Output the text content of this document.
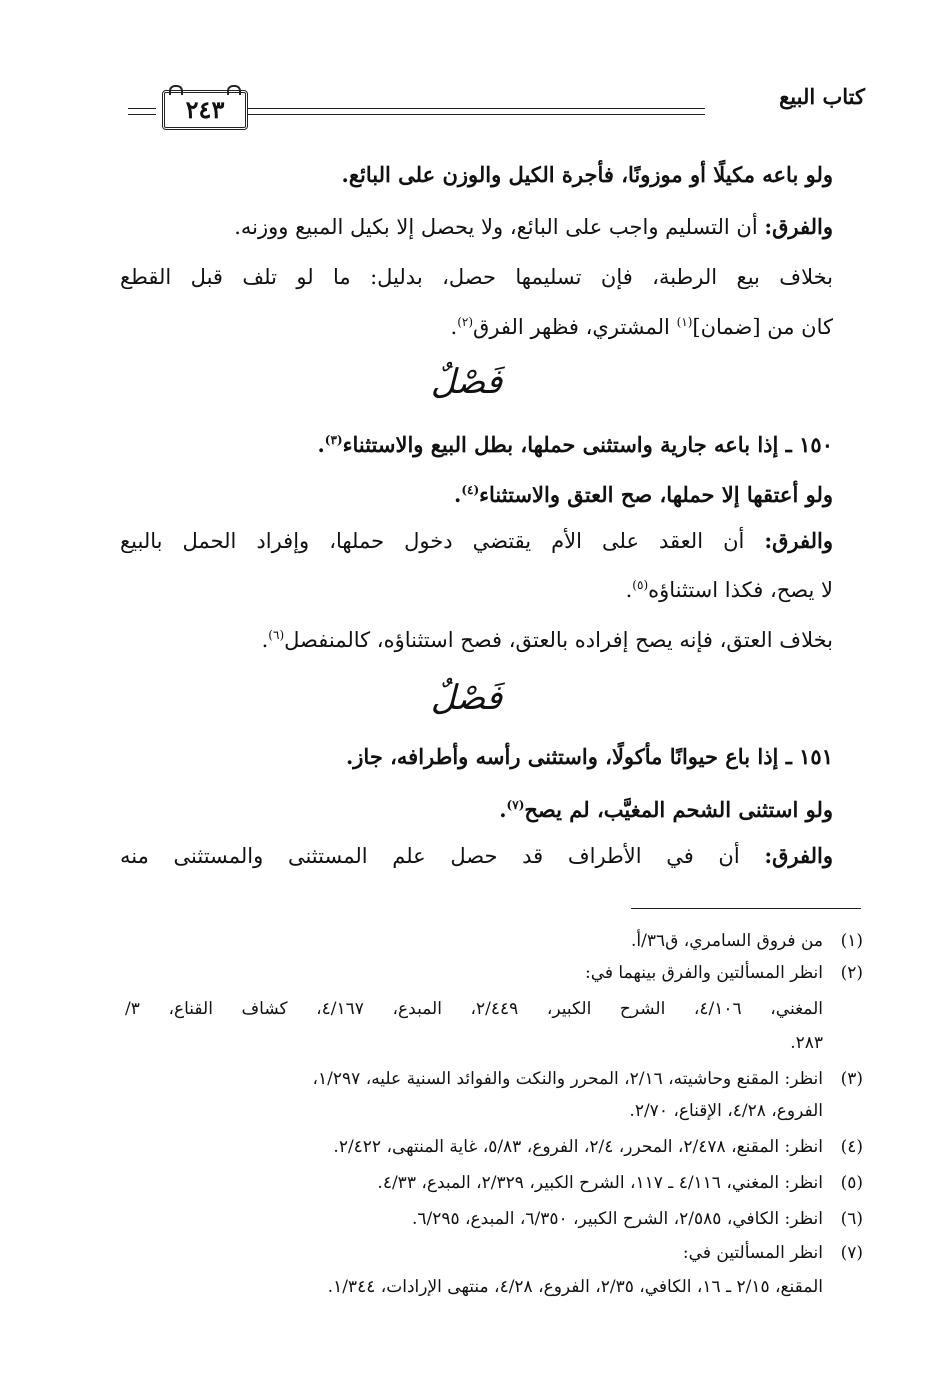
كتاب البيع
٢٤٣
ولو باعه مكيلًا أو موزونًا، فأجرة الكيل والوزن على البائع.
والفرق: أن التسليم واجب على البائع، ولا يحصل إلا بكيل المبيع ووزنه.
بخلاف بيع الرطبة، فإن تسليمها حصل، بدليل: ما لو تلف قبل القطع
كان من [ضمان]$^{(١)}$ المشتري، فظهر الفرق$^{(٢)}$.
فَصْلٌ
١٥٠ ـ إذا باعه جارية واستثنى حملها، بطل البيع والاستثناء$^{(٣)}$.
ولو أعتقها إلا حملها، صح العتق والاستثناء$^{(٤)}$.
والفرق: أن العقد على الأم يقتضي دخول حملها، وإفراد الحمل بالبيع
لا يصح، فكذا استثناؤه$^{(٥)}$.
بخلاف العتق، فإنه يصح إفراده بالعتق، فصح استثناؤه، كالمنفصل$^{(٦)}$.
فَصْلٌ
١٥١ ـ إذا باع حيوانًا مأكولًا، واستثنى رأسه وأطرافه، جاز.
ولو استثنى الشحم المغيَّب، لم يصح$^{(٧)}$.
والفرق: أن في الأطراف قد حصل علم المستثنى والمستثنى منه
(١)من فروق السامري، ق٣٦/أ.
(٢)انظر المسألتين والفرق بينهما في:
المغني، ٤/١٠٦، الشرح الكبير، ٢/٤٤٩، المبدع، ٤/١٦٧، كشاف القناع، ٣/
٢٨٣.
(٣)انظر: المقنع وحاشيته، ٢/١٦، المحرر والنكت والفوائد السنية عليه، ١/٢٩٧،
الفروع، ٤/٢٨، الإقناع، ٢/٧٠.
(٤)انظر: المقنع، ٢/٤٧٨، المحرر، ٢/٤، الفروع، ٥/٨٣، غاية المنتهى، ٢/٤٢٢.
(٥)انظر: المغني، ٤/١١٦ ـ ١١٧، الشرح الكبير، ٢/٣٢٩، المبدع، ٤/٣٣.
(٦)انظر: الكافي، ٢/٥٨٥، الشرح الكبير، ٦/٣٥٠، المبدع، ٦/٢٩٥.
(٧)انظر المسألتين في:
المقنع، ٢/١٥ ـ ١٦، الكافي، ٢/٣٥، الفروع، ٤/٢٨، منتهى الإرادات، ١/٣٤٤.
